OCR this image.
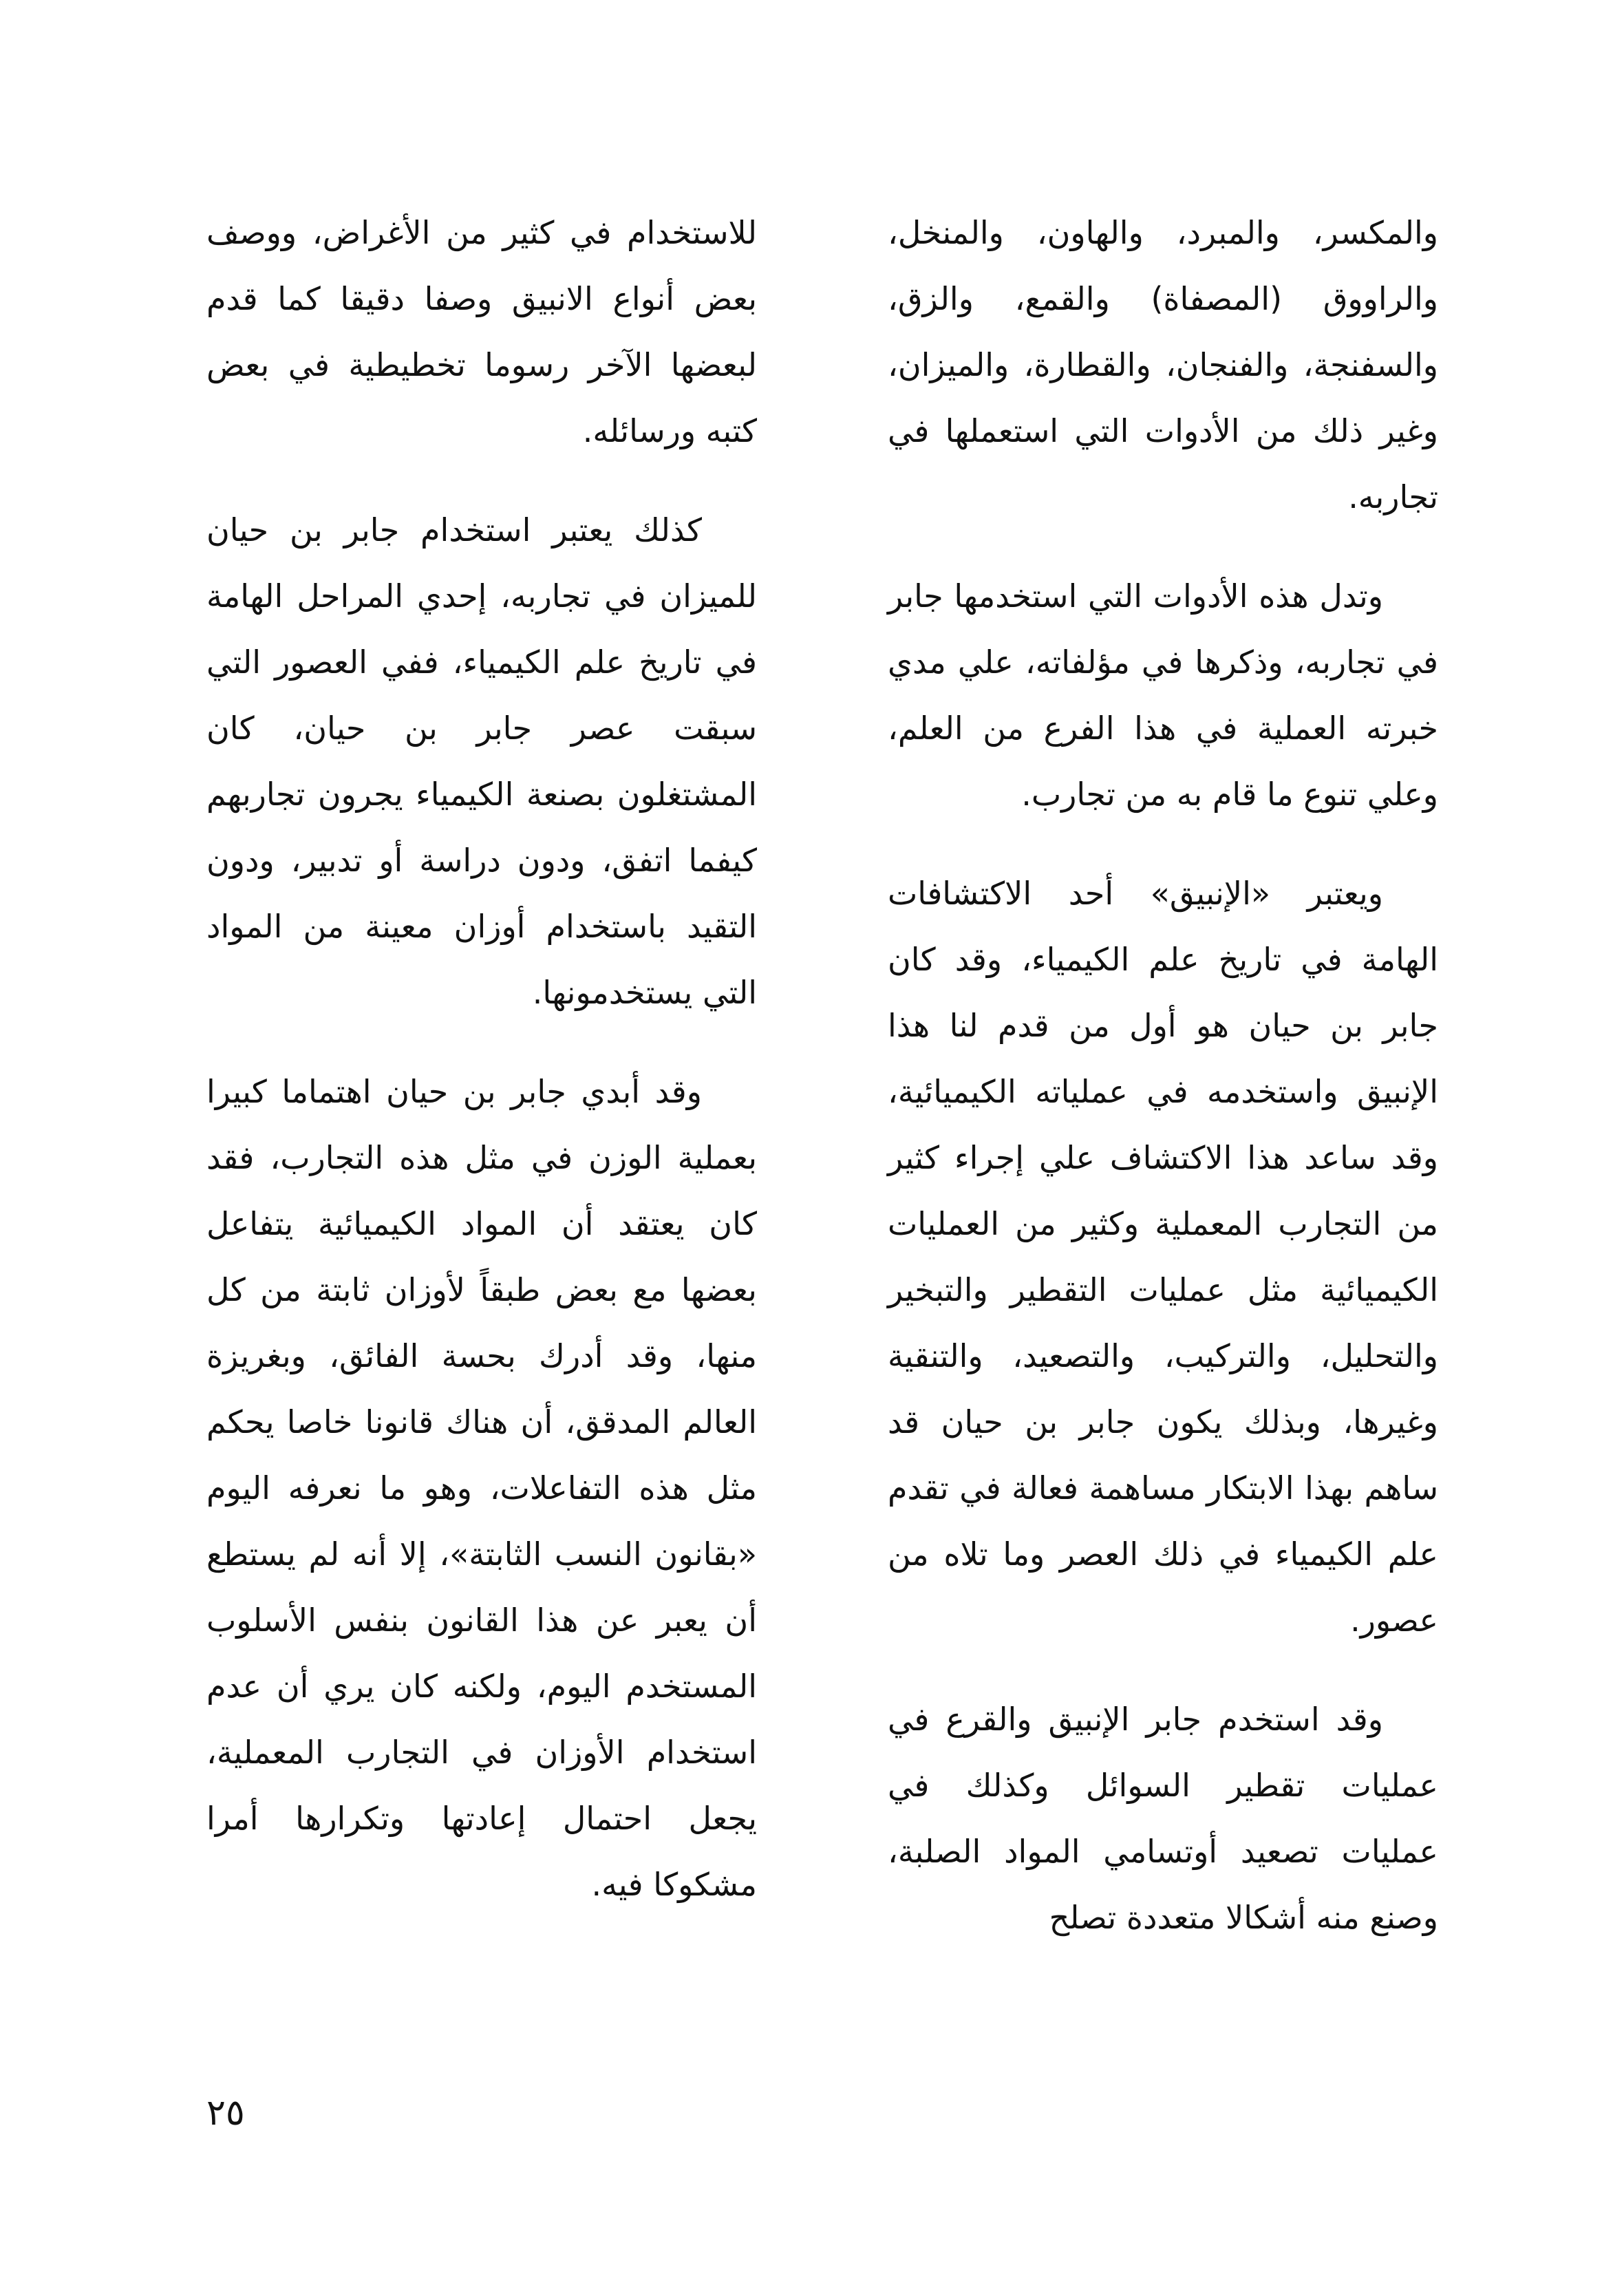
والمكسر، والمبرد، والهاون، والمنخل، والراووق (المصفاة) والقمع، والزق، والسفنجة، والفنجان، والقطارة، والميزان، وغير ذلك من الأدوات التي استعملها في تجاربه.

وتدل هذه الأدوات التي استخدمها جابر في تجاربه، وذكرها في مؤلفاته، علي مدي خبرته العملية في هذا الفرع من العلم، وعلي تنوع ما قام به من تجارب.

ويعتبر «الإنبيق» أحد الاكتشافات الهامة في تاريخ علم الكيمياء، وقد كان جابر بن حيان هو أول من قدم لنا هذا الإنبيق واستخدمه في عملياته الكيميائية، وقد ساعد هذا الاكتشاف علي إجراء كثير من التجارب المعملية وكثير من العمليات الكيميائية مثل عمليات التقطير والتبخير والتحليل، والتركيب، والتصعيد، والتنقية وغيرها، وبذلك يكون جابر بن حيان قد ساهم بهذا الابتكار مساهمة فعالة في تقدم علم الكيمياء في ذلك العصر وما تلاه من عصور.

وقد استخدم جابر الإنبيق والقرع في عمليات تقطير السوائل وكذلك في عمليات تصعيد أوتسامي المواد الصلبة، وصنع منه أشكالا متعددة تصلح

للاستخدام في كثير من الأغراض، ووصف بعض أنواع الانبيق وصفا دقيقا كما قدم لبعضها الآخر رسوما تخطيطية في بعض كتبه ورسائله.

كذلك يعتبر استخدام جابر بن حيان للميزان في تجاربه، إحدي المراحل الهامة في تاريخ علم الكيمياء، ففي العصور التي سبقت عصر جابر بن حيان، كان المشتغلون بصنعة الكيمياء يجرون تجاربهم كيفما اتفق، ودون دراسة أو تدبير، ودون التقيد باستخدام أوزان معينة من المواد التي يستخدمونها.

وقد أبدي جابر بن حيان اهتماما كبيرا بعملية الوزن في مثل هذه التجارب، فقد كان يعتقد أن المواد الكيميائية يتفاعل بعضها مع بعض طبقاً لأوزان ثابتة من كل منها، وقد أدرك بحسة الفائق، وبغريزة العالم المدقق، أن هناك قانونا خاصا يحكم مثل هذه التفاعلات، وهو ما نعرفه اليوم «بقانون النسب الثابتة»، إلا أنه لم يستطع أن يعبر عن هذا القانون بنفس الأسلوب المستخدم اليوم، ولكنه كان يري أن عدم استخدام الأوزان في التجارب المعملية، يجعل احتمال إعادتها وتكرارها أمرا مشكوكا فيه.

٢٥
